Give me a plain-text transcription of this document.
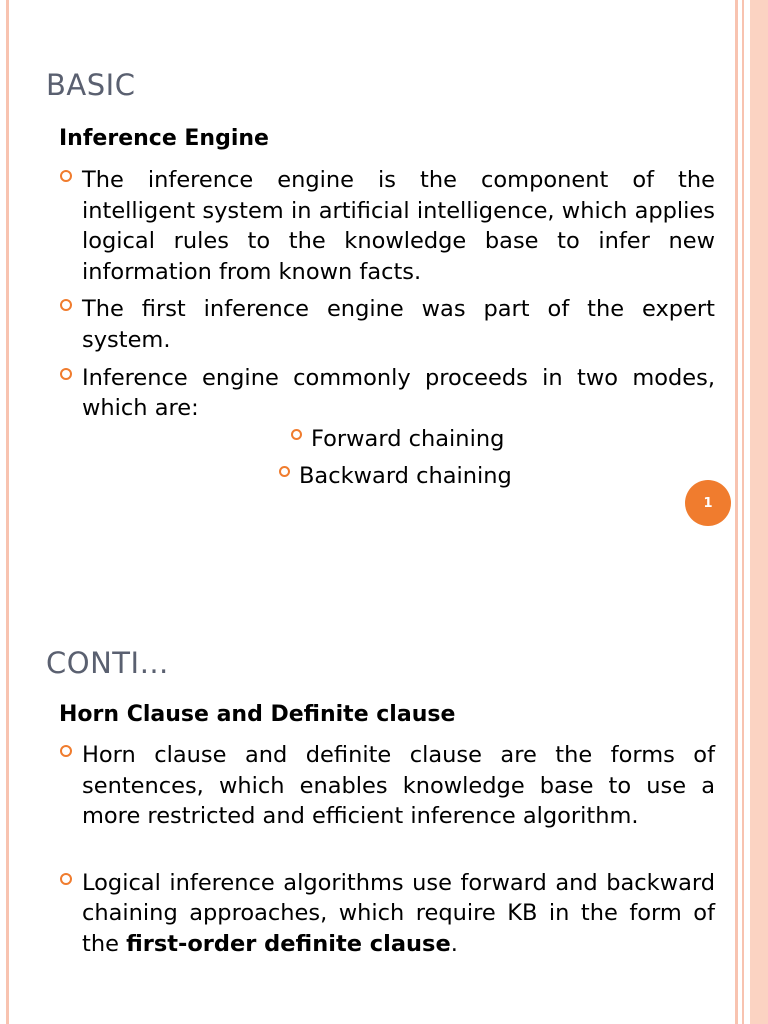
BASIC
Inference Engine
The inference engine is the component of the intelligent system in artificial intelligence, which applies logical rules to the knowledge base to infer new information from known facts.
The first inference engine was part of the expert system.
Inference engine commonly proceeds in two modes, which are:
Forward chaining
Backward chaining
1
CONTI…
Horn Clause and Definite clause
Horn clause and definite clause are the forms of sentences, which enables knowledge base to use a more restricted and efficient inference algorithm.
Logical inference algorithms use forward and backward chaining approaches, which require KB in the form of the first-order definite clause.
